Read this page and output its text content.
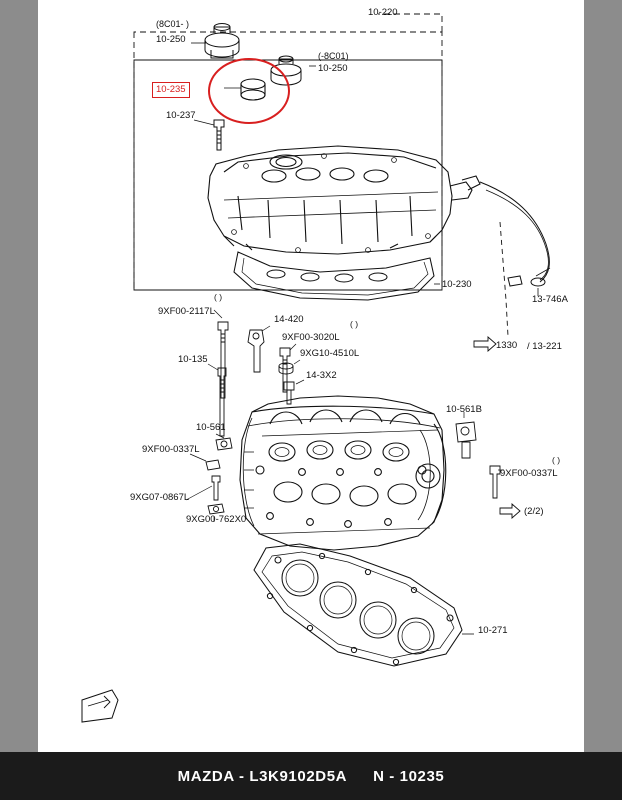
(8C01- )
10-250
10-220
(-8C01)
10-250
10-237
10-230
13-746A
1330 / 13-221
( )
9XF00-2117L
14-420	( )
9XF00-3020L
9XG10-4510L
10-135
14-3X2
10-561B
10-561
9XF00-0337L
( )
9XF00-0337L
9XG07-0867L
9XG00-762X0
(2/2)
10-271
10-235
MAZDA - L3K9102D5A N - 10235
